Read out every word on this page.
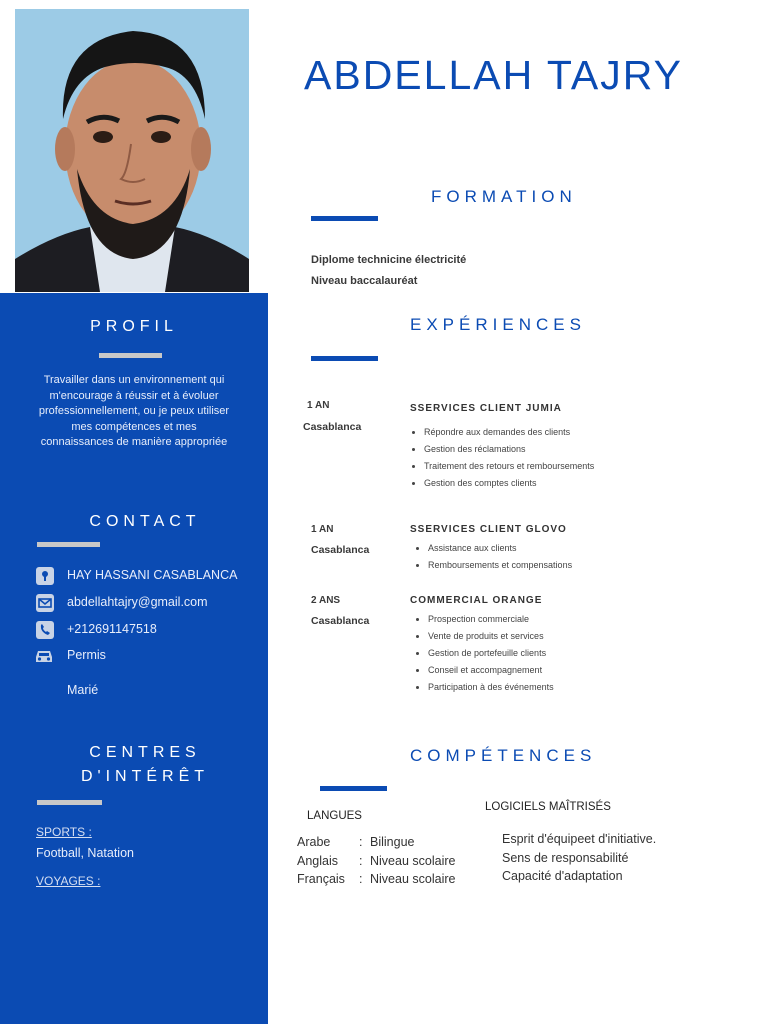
PROFIL
Travailler dans un environnement qui m'encourage à réussir et à évoluer professionnellement, ou je peux utiliser mes compétences et mes connaissances de manière appropriée
CONTACT
HAY HASSANI CASABLANCA
abdellahtajry@gmail.com
+212691147518
Permis
Marié
CENTRES
D'INTÉRÊT
SPORTS :
Football, Natation
VOYAGES :
ABDELLAH TAJRY
FORMATION
Diplome technicine électricité
Niveau baccalauréat
EXPÉRIENCES
1 AN
Casablanca
SSERVICES CLIENT JUMIA
• Répondre aux demandes des clients
• Gestion des réclamations
• Traitement des retours et remboursements
• Gestion des comptes clients
1 AN
Casablanca
SSERVICES CLIENT GLOVO
• Assistance aux clients
• Remboursements et compensations
2 ANS
Casablanca
COMMERCIAL ORANGE
• Prospection commerciale
• Vente de produits et services
• Gestion de portefeuille clients
• Conseil et accompagnement
• Participation à des événements
COMPÉTENCES
LANGUES
LOGICIELS MAÎTRISÉS
Arabe : Bilingue
Anglais : Niveau scolaire
Français : Niveau scolaire
Esprit d'équipeet d'initiative.
Sens de responsabilité
Capacité d'adaptation
